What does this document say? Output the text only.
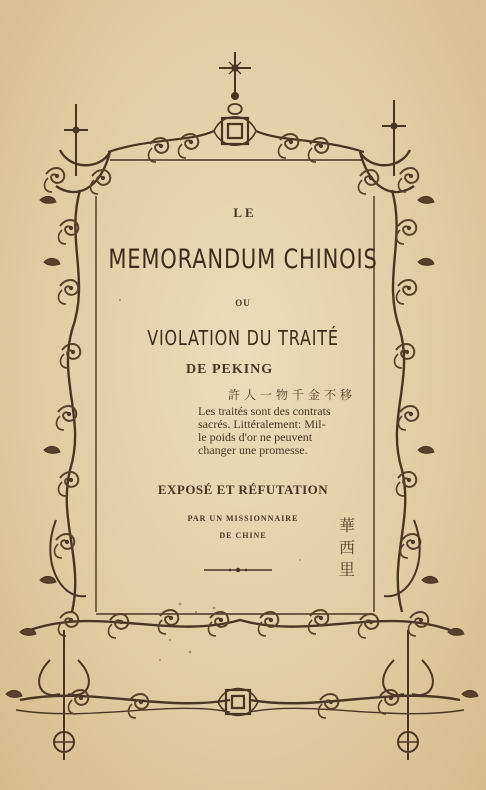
LE
MEMORANDUM CHINOIS
OU
VIOLATION DU TRAITÉ
DE PEKING
許人一物千金不移
Les traités sont des contrats
sacrés. Littéralement: Mil-
le poids d'or ne peuvent
changer une promesse.
EXPOSÉ ET RÉFUTATION
PAR UN MISSIONNAIRE
DE CHINE
華西里
